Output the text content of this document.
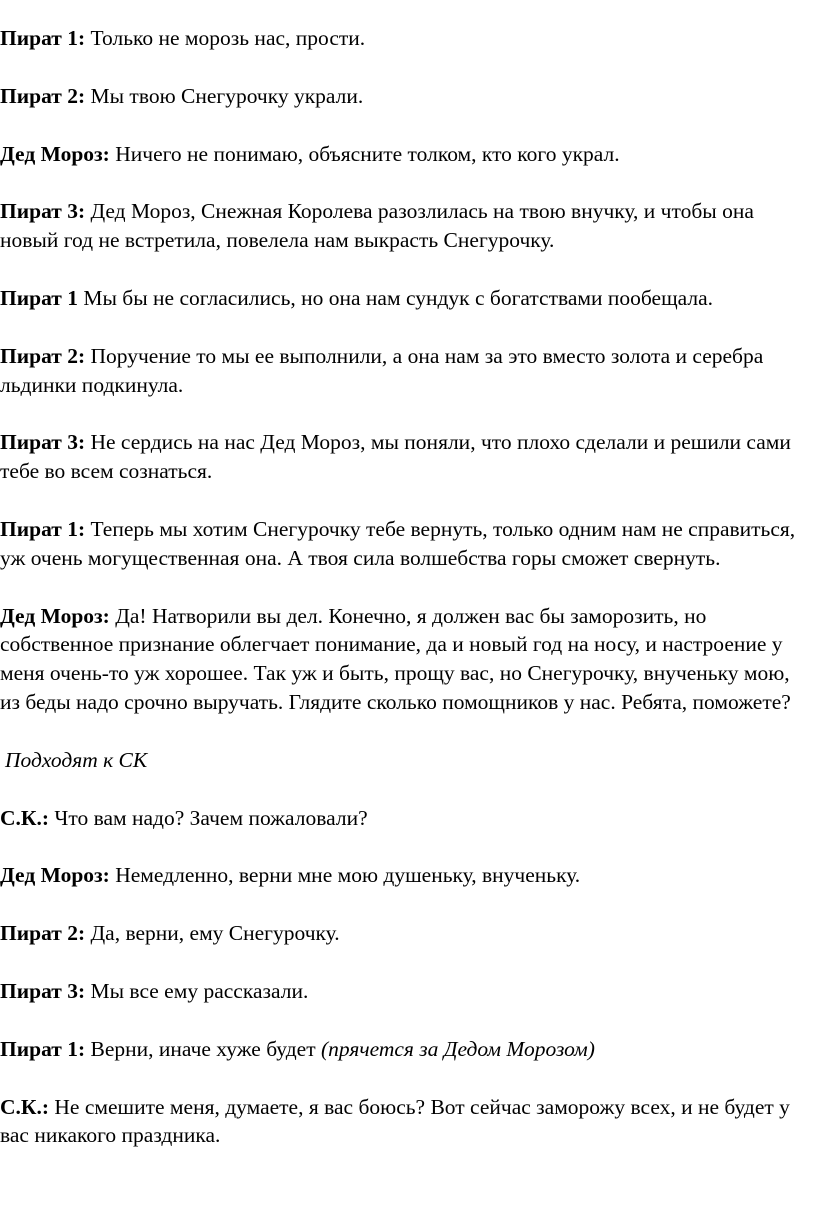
Пират 1: Только не морозь нас, прости.

Пират 2: Мы твою Снегурочку украли.

Дед Мороз: Ничего не понимаю, объясните толком, кто кого украл.

Пират 3: Дед Мороз, Снежная Королева разозлилась на твою внучку, и чтобы она новый год не встретила, повелела нам выкрасть Снегурочку.

Пират 1 Мы бы не согласились, но она нам сундук с богатствами пообещала.

Пират 2: Поручение то мы ее выполнили, а она нам за это вместо золота и серебра льдинки подкинула.

Пират 3: Не сердись на нас Дед Мороз, мы поняли, что плохо сделали и решили сами тебе во всем сознаться.

Пират 1: Теперь мы хотим Снегурочку тебе вернуть, только одним нам не справиться, уж очень могущественная она. А твоя сила волшебства горы сможет свернуть.

Дед Мороз: Да! Натворили вы дел. Конечно, я должен вас бы заморозить, но собственное признание облегчает понимание, да и новый год на носу, и настроение у меня очень-то уж хорошее. Так уж и быть, прощу вас, но Снегурочку, внученьку мою, из беды надо срочно выручать. Глядите сколько помощников у нас. Ребята, поможете?

Подходят к СК

С.К.: Что вам надо? Зачем пожаловали?

Дед Мороз: Немедленно, верни мне мою душеньку, внученьку.

Пират 2: Да, верни, ему Снегурочку.

Пират 3: Мы все ему рассказали.

Пират 1: Верни, иначе хуже будет (прячется за Дедом Морозом)

С.К.: Не смешите меня, думаете, я вас боюсь? Вот сейчас заморожу всех, и не будет у вас никакого праздника.
